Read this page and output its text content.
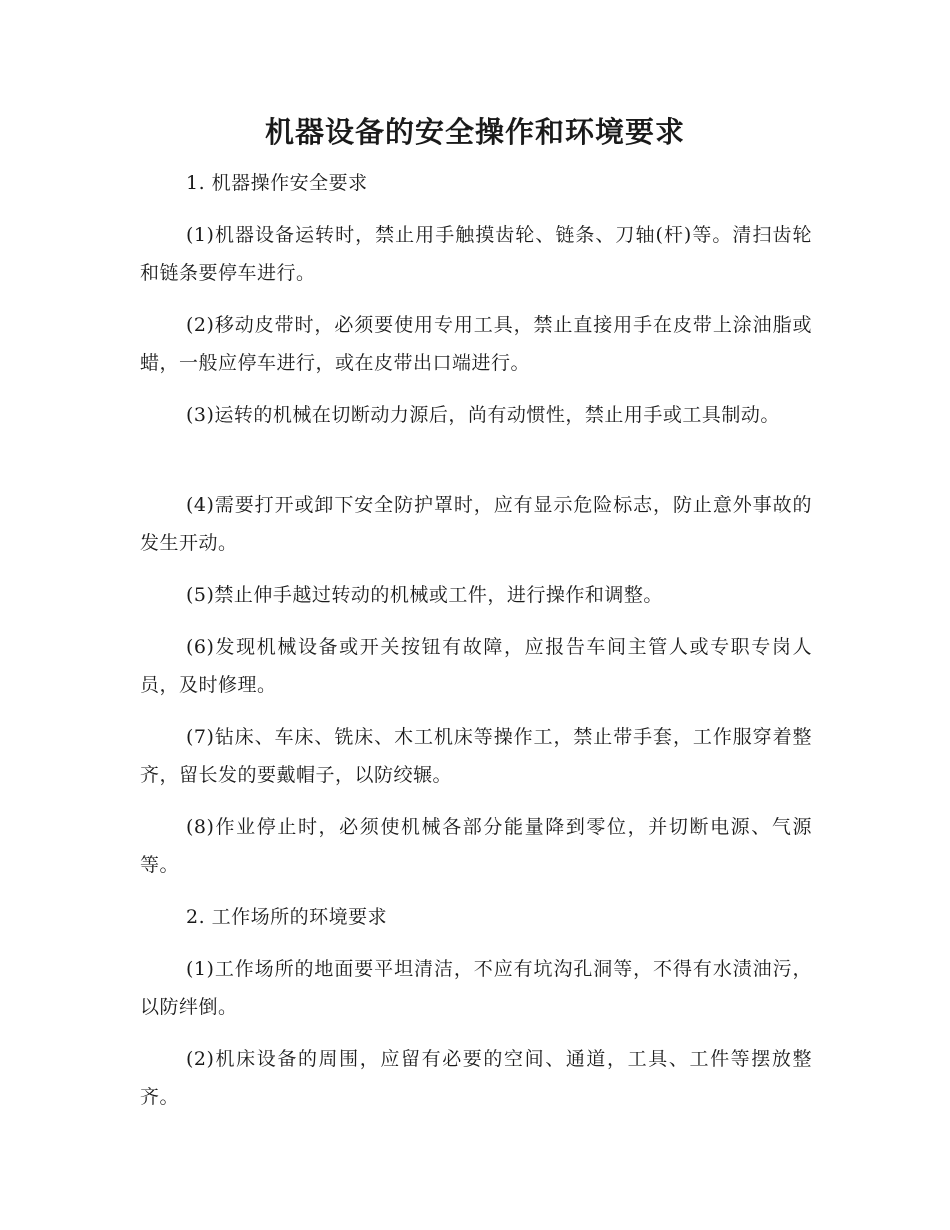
机器设备的安全操作和环境要求
1. 机器操作安全要求
(1)机器设备运转时，禁止用手触摸齿轮、链条、刀轴(杆)等。清扫齿轮和链条要停车进行。
(2)移动皮带时，必须要使用专用工具，禁止直接用手在皮带上涂油脂或蜡，一般应停车进行，或在皮带出口端进行。
(3)运转的机械在切断动力源后，尚有动惯性，禁止用手或工具制动。
(4)需要打开或卸下安全防护罩时，应有显示危险标志，防止意外事故的发生开动。
(5)禁止伸手越过转动的机械或工件，进行操作和调整。
(6)发现机械设备或开关按钮有故障，应报告车间主管人或专职专岗人员，及时修理。
(7)钻床、车床、铣床、木工机床等操作工，禁止带手套，工作服穿着整齐，留长发的要戴帽子，以防绞辗。
(8)作业停止时，必须使机械各部分能量降到零位，并切断电源、气源等。
2. 工作场所的环境要求
(1)工作场所的地面要平坦清洁，不应有坑沟孔洞等，不得有水渍油污，以防绊倒。
(2)机床设备的周围，应留有必要的空间、通道，工具、工件等摆放整齐。
